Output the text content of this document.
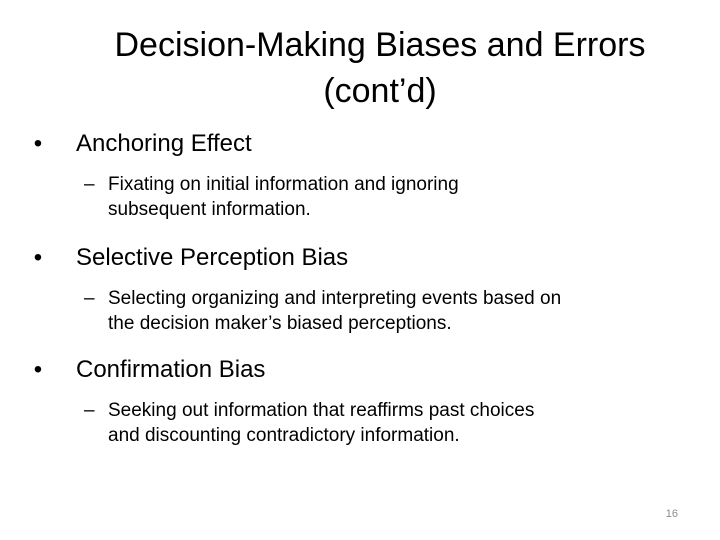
Decision-Making Biases and Errors
(cont’d)
• Anchoring Effect
– Fixating on initial information and ignoring
subsequent information.
• Selective Perception Bias
– Selecting organizing and interpreting events based on
the decision maker’s biased perceptions.
• Confirmation Bias
– Seeking out information that reaffirms past choices
and discounting contradictory information.
16
